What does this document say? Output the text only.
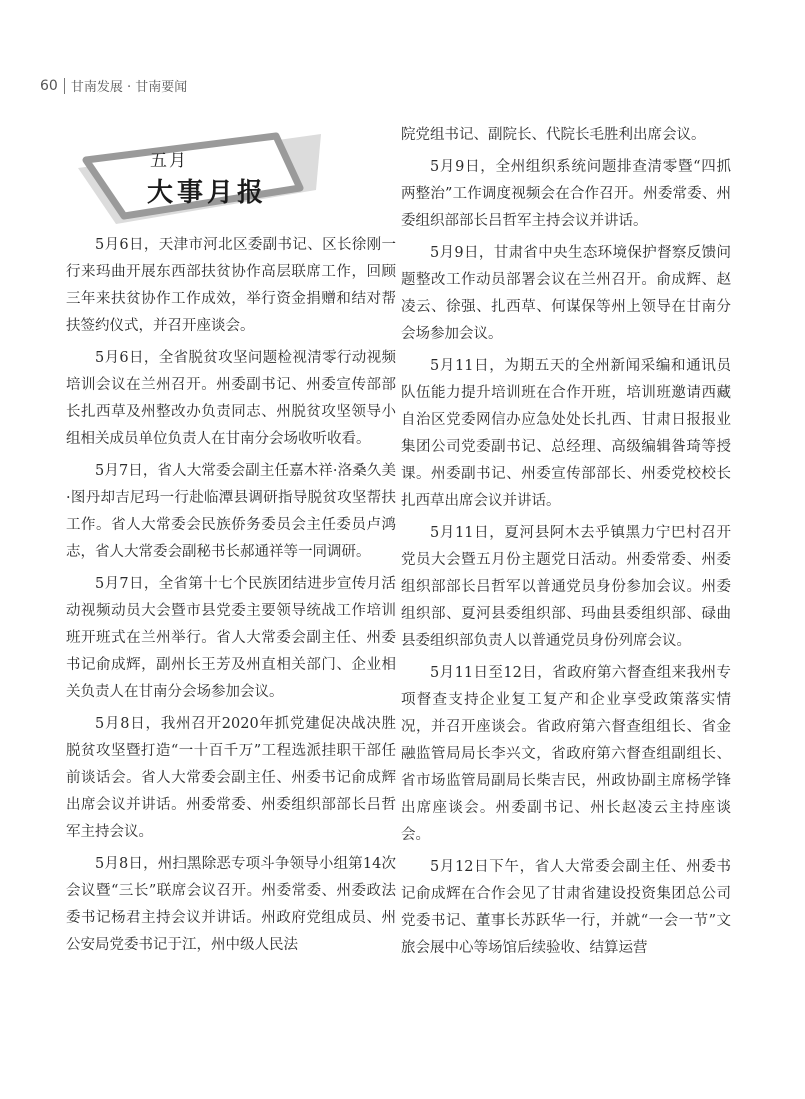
60 甘南发展 · 甘南要闻
五月
大事月报

5月6日，天津市河北区委副书记、区长徐刚一行来玛曲开展东西部扶贫协作高层联席工作，回顾三年来扶贫协作工作成效，举行资金捐赠和结对帮扶签约仪式，并召开座谈会。

5月6日，全省脱贫攻坚问题检视清零行动视频培训会议在兰州召开。州委副书记、州委宣传部部长扎西草及州整改办负责同志、州脱贫攻坚领导小组相关成员单位负责人在甘南分会场收听收看。

5月7日，省人大常委会副主任嘉木祥·洛桑久美·图丹却吉尼玛一行赴临潭县调研指导脱贫攻坚帮扶工作。省人大常委会民族侨务委员会主任委员卢鸿志，省人大常委会副秘书长郝通祥等一同调研。

5月7日，全省第十七个民族团结进步宣传月活动视频动员大会暨市县党委主要领导统战工作培训班开班式在兰州举行。省人大常委会副主任、州委书记俞成辉，副州长王芳及州直相关部门、企业相关负责人在甘南分会场参加会议。

5月8日，我州召开2020年抓党建促决战决胜脱贫攻坚暨打造“一十百千万”工程选派挂职干部任前谈话会。省人大常委会副主任、州委书记俞成辉出席会议并讲话。州委常委、州委组织部部长吕哲军主持会议。

5月8日，州扫黑除恶专项斗争领导小组第14次会议暨“三长”联席会议召开。州委常委、州委政法委书记杨君主持会议并讲话。州政府党组成员、州公安局党委书记于江，州中级人民法

院党组书记、副院长、代院长毛胜利出席会议。

5月9日，全州组织系统问题排查清零暨“四抓两整治”工作调度视频会在合作召开。州委常委、州委组织部部长吕哲军主持会议并讲话。

5月9日，甘肃省中央生态环境保护督察反馈问题整改工作动员部署会议在兰州召开。俞成辉、赵凌云、徐强、扎西草、何谋保等州上领导在甘南分会场参加会议。

5月11日，为期五天的全州新闻采编和通讯员队伍能力提升培训班在合作开班，培训班邀请西藏自治区党委网信办应急处处长扎西、甘肃日报报业集团公司党委副书记、总经理、高级编辑昝琦等授课。州委副书记、州委宣传部部长、州委党校校长扎西草出席会议并讲话。

5月11日，夏河县阿木去乎镇黑力宁巴村召开党员大会暨五月份主题党日活动。州委常委、州委组织部部长吕哲军以普通党员身份参加会议。州委组织部、夏河县委组织部、玛曲县委组织部、碌曲县委组织部负责人以普通党员身份列席会议。

5月11日至12日，省政府第六督查组来我州专项督查支持企业复工复产和企业享受政策落实情况，并召开座谈会。省政府第六督查组组长、省金融监管局局长李兴文，省政府第六督查组副组长、省市场监管局副局长柴吉民，州政协副主席杨学锋出席座谈会。州委副书记、州长赵凌云主持座谈会。

5月12日下午，省人大常委会副主任、州委书记俞成辉在合作会见了甘肃省建设投资集团总公司党委书记、董事长苏跃华一行，并就“一会一节”文旅会展中心等场馆后续验收、结算运营
